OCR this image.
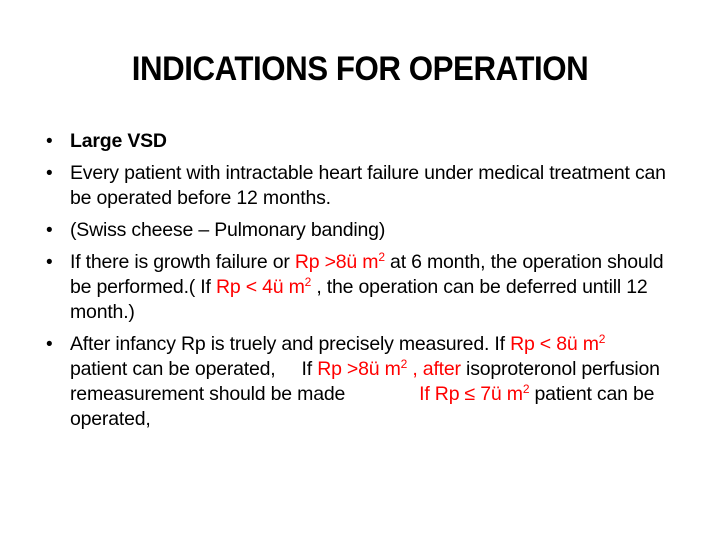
INDICATIONS FOR OPERATION
• Large VSD
• Every patient with intractable heart failure under medical treatment can be operated before 12 months.
• (Swiss cheese – Pulmonary banding)
• If there is growth failure or Rp >8ü $m^2$ at 6 month, the operation should be performed.( If Rp < 4ü $m^2$ , the operation can be deferred untill 12 month.)
• After infancy Rp is truely and precisely measured. If Rp < 8ü $m^2patient$ can be operated, If Rp >8ü $m^2$ , after isoproteronol perfusion remeasurement should be made	If Rp ≤ 7ü $m^2$ patient can be operated,
